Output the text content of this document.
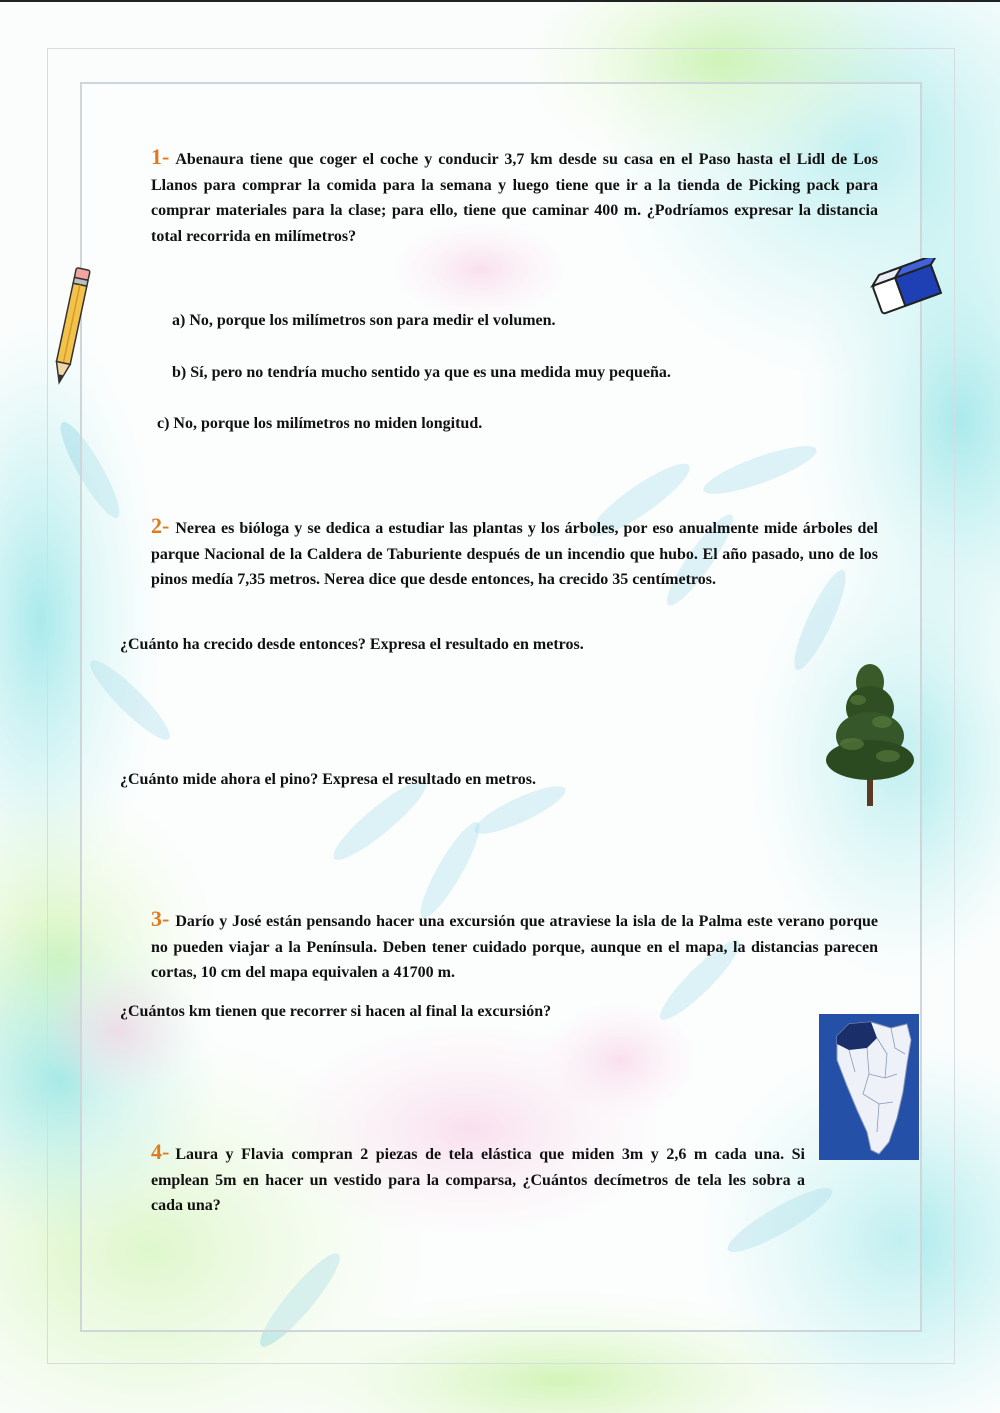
1- Abenaura tiene que coger el coche y conducir 3,7 km desde su casa en el Paso hasta el Lidl de Los Llanos para comprar la comida para la semana y luego tiene que ir a la tienda de Picking pack para comprar materiales para la clase; para ello, tiene que caminar 400 m. ¿Podríamos expresar la distancia total recorrida en milímetros?
a) No, porque los milímetros son para medir el volumen.
b) Sí, pero no tendría mucho sentido ya que es una medida muy pequeña.
c) No, porque los milímetros no miden longitud.
2- Nerea es bióloga y se dedica a estudiar las plantas y los árboles, por eso anualmente mide árboles del parque Nacional de la Caldera de Taburiente después de un incendio que hubo. El año pasado, uno de los pinos medía 7,35 metros. Nerea dice que desde entonces, ha crecido 35 centímetros.
¿Cuánto ha crecido desde entonces? Expresa el resultado en metros.
¿Cuánto mide ahora el pino? Expresa el resultado en metros.
3- Darío y José están pensando hacer una excursión que atraviese la isla de la Palma este verano porque no pueden viajar a la Península. Deben tener cuidado porque, aunque en el mapa, la distancias parecen cortas, 10 cm del mapa equivalen a 41700 m.
¿Cuántos km tienen que recorrer si hacen al final la excursión?
4- Laura y Flavia compran 2 piezas de tela elástica que miden 3m y 2,6 m cada una. Si emplean 5m en hacer un vestido para la comparsa, ¿Cuántos decímetros de tela les sobra a cada una?
